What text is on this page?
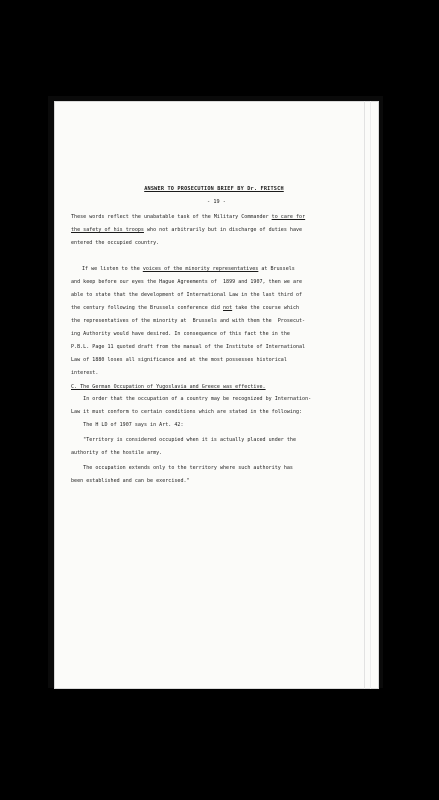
ANSWER TO PROSECUTION BRIEF BY Dr. FRITSCH
- 19 -
These words reflect the unabatable task of the Military Commander to care for
the safety of his troops who not arbitrarily but in discharge of duties have
entered the occupied country.
If we listen to the voices of the minority representatives at Brussels
and keep before our eyes the Hague Agreements of  1899 and 1907, then we are
able to state that the development of International Law in the last third of
the century following the Brussels conference did not take the course which
the representatives of the minority at  Brussels and with them the  Prosecut-
ing Authority would have desired. In consequence of this fact the in the
P.B.L. Page 11 quoted draft from the manual of the Institute of International
Law of 1880 loses all significance and at the most possesses historical
interest.
C. The German Occupation of Yugoslavia and Greece was effective.
In order that the occupation of a country may be recognized by Internation-
Law it must conform to certain conditions which are stated in the following:
The H LD of 1907 says in Art. 42:
"Territory is considered occupied when it is actually placed under the
authority of the hostile army.
The occupation extends only to the territory where such authority has
been established and can be exercised."
